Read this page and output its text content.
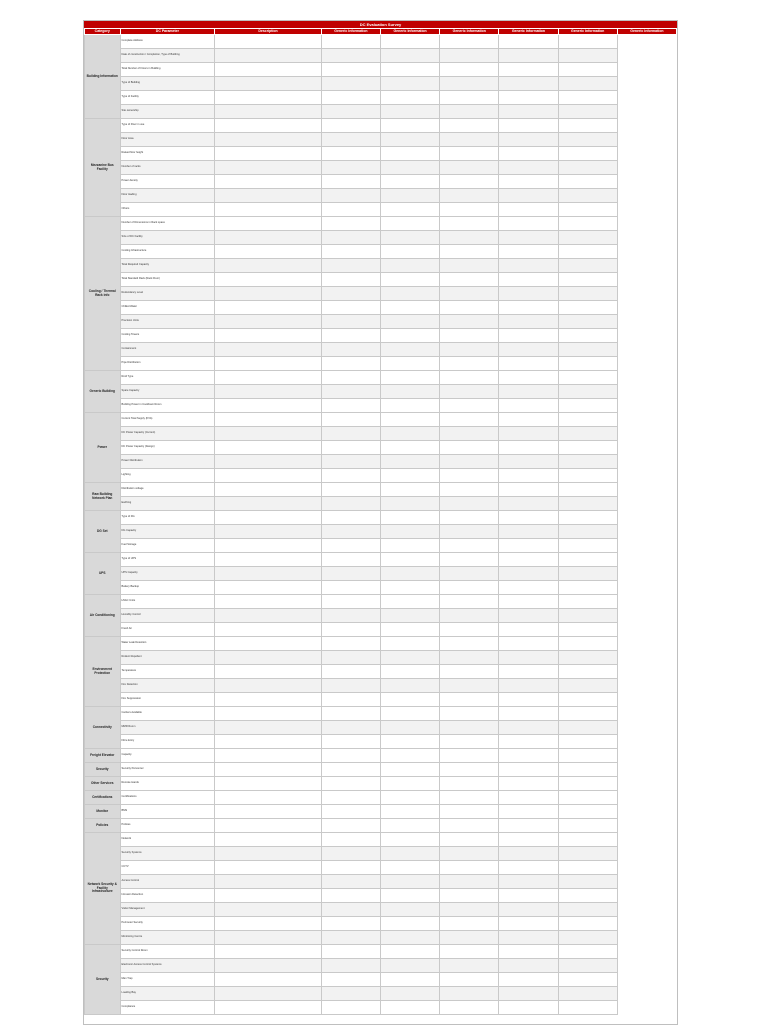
DC Evaluation Survey
Category	DC Parameter	Description	Generic Information	Generic Information	Generic Information	Generic Information	Generic Information	Generic Information
Building Information	Complete Address							
	Date of construction / Completion, Type of Building							
	Total Number of Floors in Building							
	Type of Building							
	Type of Facility							
	Site ownership							
Mezzanine Bus Facility	Type of Floor in use							
	Floor Area							
	Raised floor height							
	Number of racks							
	Power density							
	Floor loading							
	Others							
Cooling / Thermal Rack info	Number of Dimensions in Rack space							
	Size of DC Facility							
	Cooling Infrastructure							
	Total Required Capacity							
	Total Standard Rack (Rack Floor)							
	Redundancy Level							
	Chilled Water							
	Precision Units							
	Cooling Towers							
	Containment							
	Pipe Distribution							
Generic Building	Roof Type							
	Spare Capacity							
	Building Power in Cooldown Room							
Power	Current Total Supply (KVA)							
	DC Power Capacity (Current)							
	DC Power Capacity (Design)							
	Power Distribution							
	Lighting							
Raw Building Network Plan	Distribution voltage							
	Earthing							
DG Set	Type of DG							
	DG Capacity							
	Fuel Storage							
UPS	Type of UPS							
	UPS Capacity							
	Battery Backup							
Air Conditioning	HVAC Units							
	Humidity Control							
	Fresh Air							
Environment Protection	Water Leak Detection							
	Rodent Repellent							
	Temperature							
	Fire Detection							
	Fire Suppression							
Connectivity	Carriers Available							
	MMR Room							
	Fibre Entry							
Freight Elevator	Capacity							
Security	Security Personnel							
Other Services	Remote Hands							
Certifications	Certifications							
Monitor	BMS							
Policies	Policies							
Network Security & Facility Infrastructure	Network							
	Security Systems							
	CCTV							
	Access Control							
	Intrusion Detection							
	Visitor Management							
	Perimeter Security							
	Monitoring Centre							
Security	Security Control Room							
	Electronic Access Control Systems							
	Man Trap							
	Loading Bay							
	Compliance							
